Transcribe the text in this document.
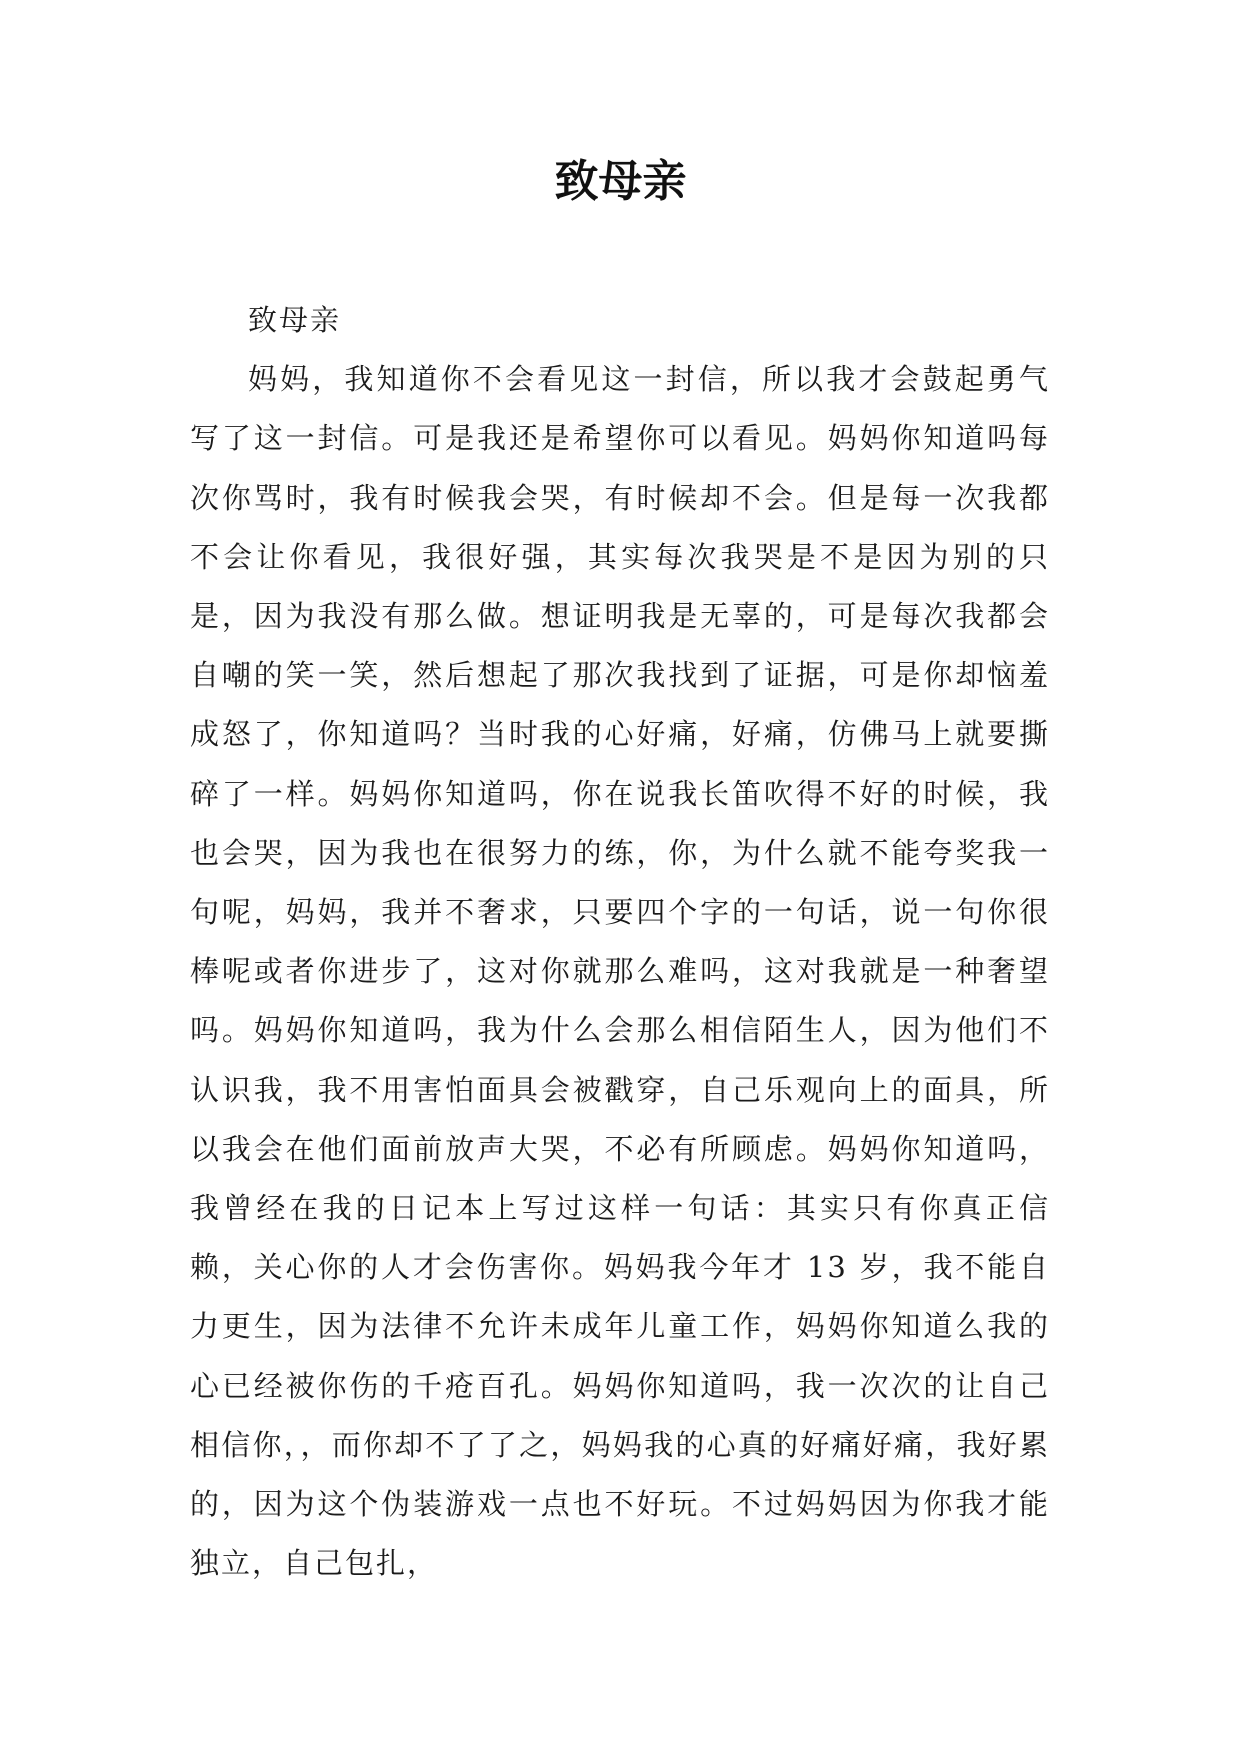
致母亲

致母亲

妈妈，我知道你不会看见这一封信，所以我才会鼓起勇气写了这一封信。可是我还是希望你可以看见。妈妈你知道吗每次你骂时，我有时候我会哭，有时候却不会。但是每一次我都不会让你看见，我很好强，其实每次我哭是不是因为别的只是，因为我没有那么做。想证明我是无辜的，可是每次我都会自嘲的笑一笑，然后想起了那次我找到了证据，可是你却恼羞成怒了，你知道吗？当时我的心好痛，好痛，仿佛马上就要撕碎了一样。妈妈你知道吗，你在说我长笛吹得不好的时候，我也会哭，因为我也在很努力的练，你，为什么就不能夸奖我一句呢，妈妈，我并不奢求，只要四个字的一句话，说一句你很棒呢或者你进步了，这对你就那么难吗，这对我就是一种奢望吗。妈妈你知道吗，我为什么会那么相信陌生人，因为他们不认识我，我不用害怕面具会被戳穿，自己乐观向上的面具，所以我会在他们面前放声大哭，不必有所顾虑。妈妈你知道吗，我曾经在我的日记本上写过这样一句话：其实只有你真正信赖，关心你的人才会伤害你。妈妈我今年才 13 岁，我不能自力更生，因为法律不允许未成年儿童工作，妈妈你知道么我的心已经被你伤的千疮百孔。妈妈你知道吗，我一次次的让自己相信你，，而你却不了了之，妈妈我的心真的好痛好痛，我好累的，因为这个伪装游戏一点也不好玩。不过妈妈因为你我才能独立，自己包扎，
